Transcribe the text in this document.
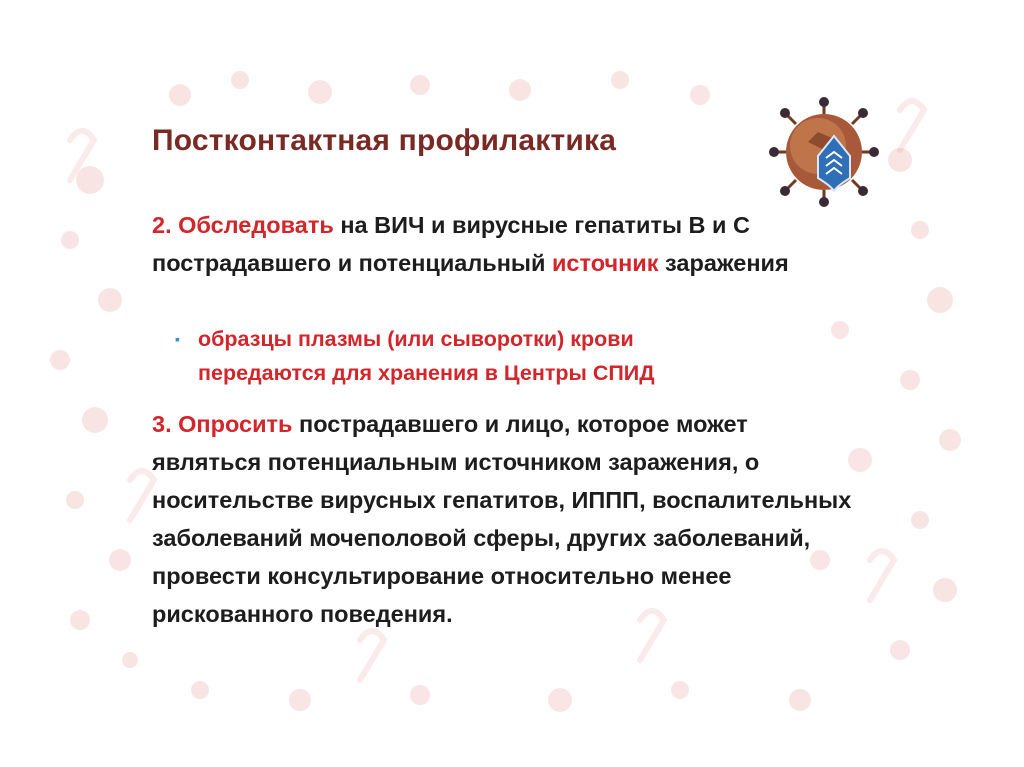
Постконтактная профилактика
2. Обследовать на ВИЧ и вирусные гепатиты В и С пострадавшего и потенциальный источник заражения
▪ образцы плазмы (или сыворотки) крови
передаются для хранения в Центры СПИД
3. Опросить пострадавшего и лицо, которое может являться потенциальным источником заражения, о носительстве вирусных гепатитов, ИППП, воспалительных заболеваний мочеполовой сферы, других заболеваний, провести консультирование относительно менее рискованного поведения.
